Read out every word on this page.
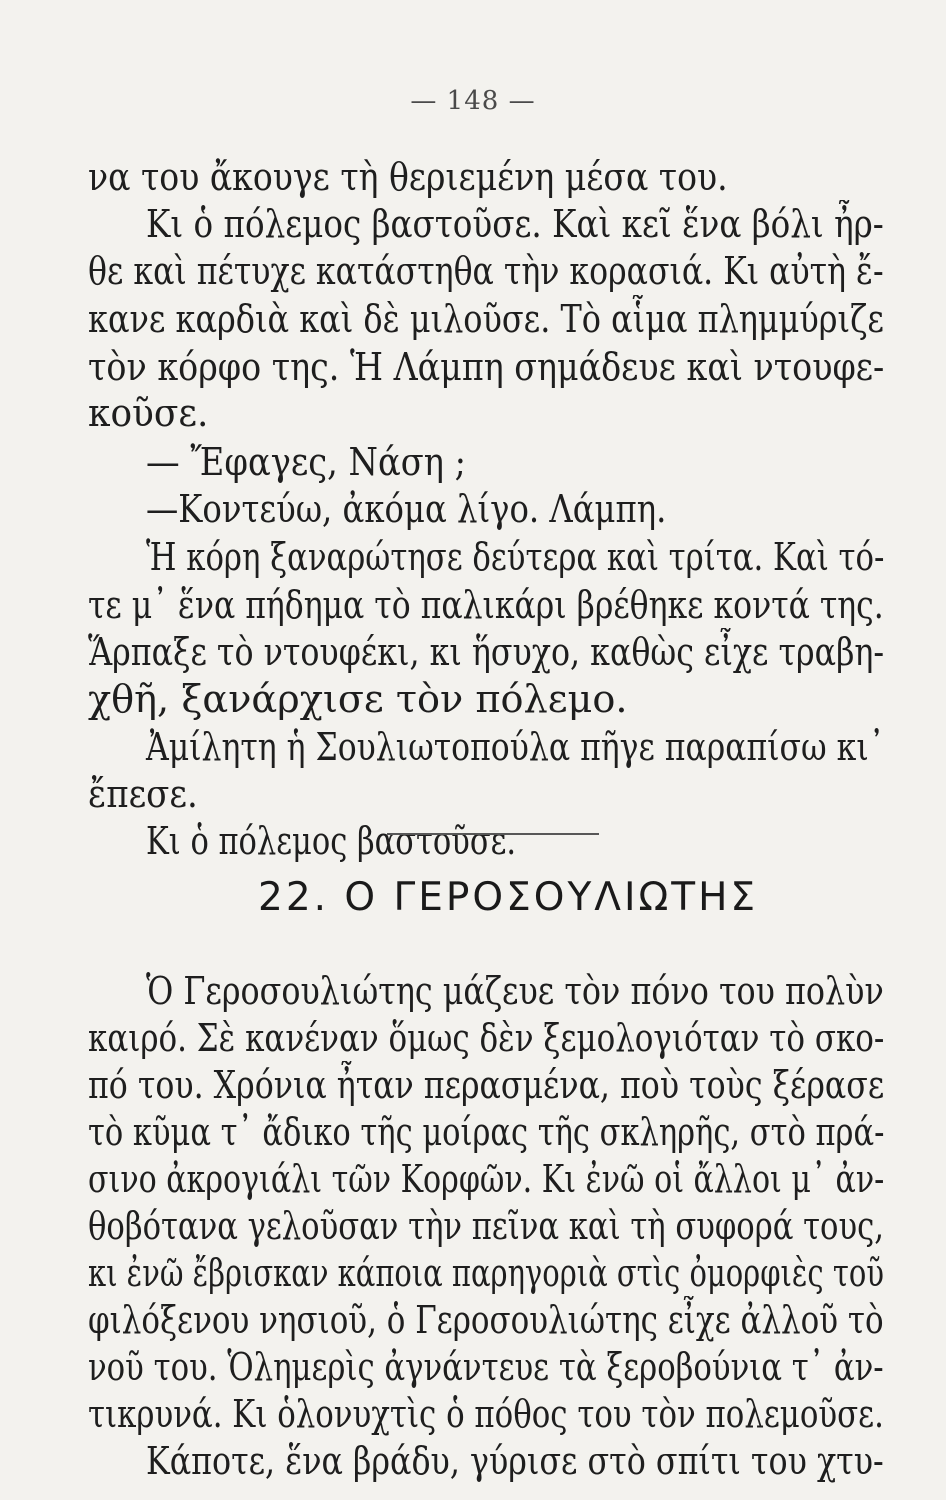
— 148 —
να του ἄκουγε τὴ θεριεμένη μέσα του.
Κι ὁ πόλεμος βαστοῦσε. Καὶ κεῖ ἕνα βόλι ἦρ-
θε καὶ πέτυχε κατάστηθα τὴν κορασιά. Κι αὐτὴ ἔ-
κανε καρδιὰ καὶ δὲ μιλοῦσε. Τὸ αἷμα πλημμύριζε
τὸν κόρφο της. Ἡ Λάμπη σημάδευε καὶ ντουφε-
κοῦσε.
— Ἔφαγες, Νάση ;
—Κοντεύω, ἀκόμα λίγο. Λάμπη.
Ἡ κόρη ξαναρώτησε δεύτερα καὶ τρίτα. Καὶ τό-
τε μ᾿ ἕνα πήδημα τὸ παλικάρι βρέθηκε κοντά της.
Ἅρπαξε τὸ ντουφέκι, κι ἥσυχο, καθὼς εἶχε τραβη-
χθῆ, ξανάρχισε τὸν πόλεμο.
Ἀμίλητη ἡ Σουλιωτοπούλα πῆγε παραπίσω κι᾿
ἔπεσε.
Κι ὁ πόλεμος βαστοῦσε.
22. Ο ΓΕΡΟΣΟΥΛΙΩΤΗΣ
Ὁ Γεροσουλιώτης μάζευε τὸν πόνο του πολὺν
καιρό. Σὲ κανέναν ὅμως δὲν ξεμολογιόταν τὸ σκο-
πό του. Χρόνια ἦταν περασμένα, ποὺ τοὺς ξέρασε
τὸ κῦμα τ᾿ ἄδικο τῆς μοίρας τῆς σκληρῆς, στὸ πρά-
σινο ἀκρογιάλι τῶν Κορφῶν. Κι ἐνῶ οἱ ἄλλοι μ᾿ ἀν-
θοβότανα γελοῦσαν τὴν πεῖνα καὶ τὴ συφορά τους,
κι ἐνῶ ἔβρισκαν κάποια παρηγοριὰ στὶς ὀμορφιὲς τοῦ
φιλόξενου νησιοῦ, ὁ Γεροσουλιώτης εἶχε ἀλλοῦ τὸ
νοῦ του. Ὁλημερὶς ἀγνάντευε τὰ ξεροβούνια τ᾿ ἀν-
τικρυνά. Κι ὁλονυχτὶς ὁ πόθος του τὸν πολεμοῦσε.
Κάποτε, ἕνα βράδυ, γύρισε στὸ σπίτι του χτυ-
